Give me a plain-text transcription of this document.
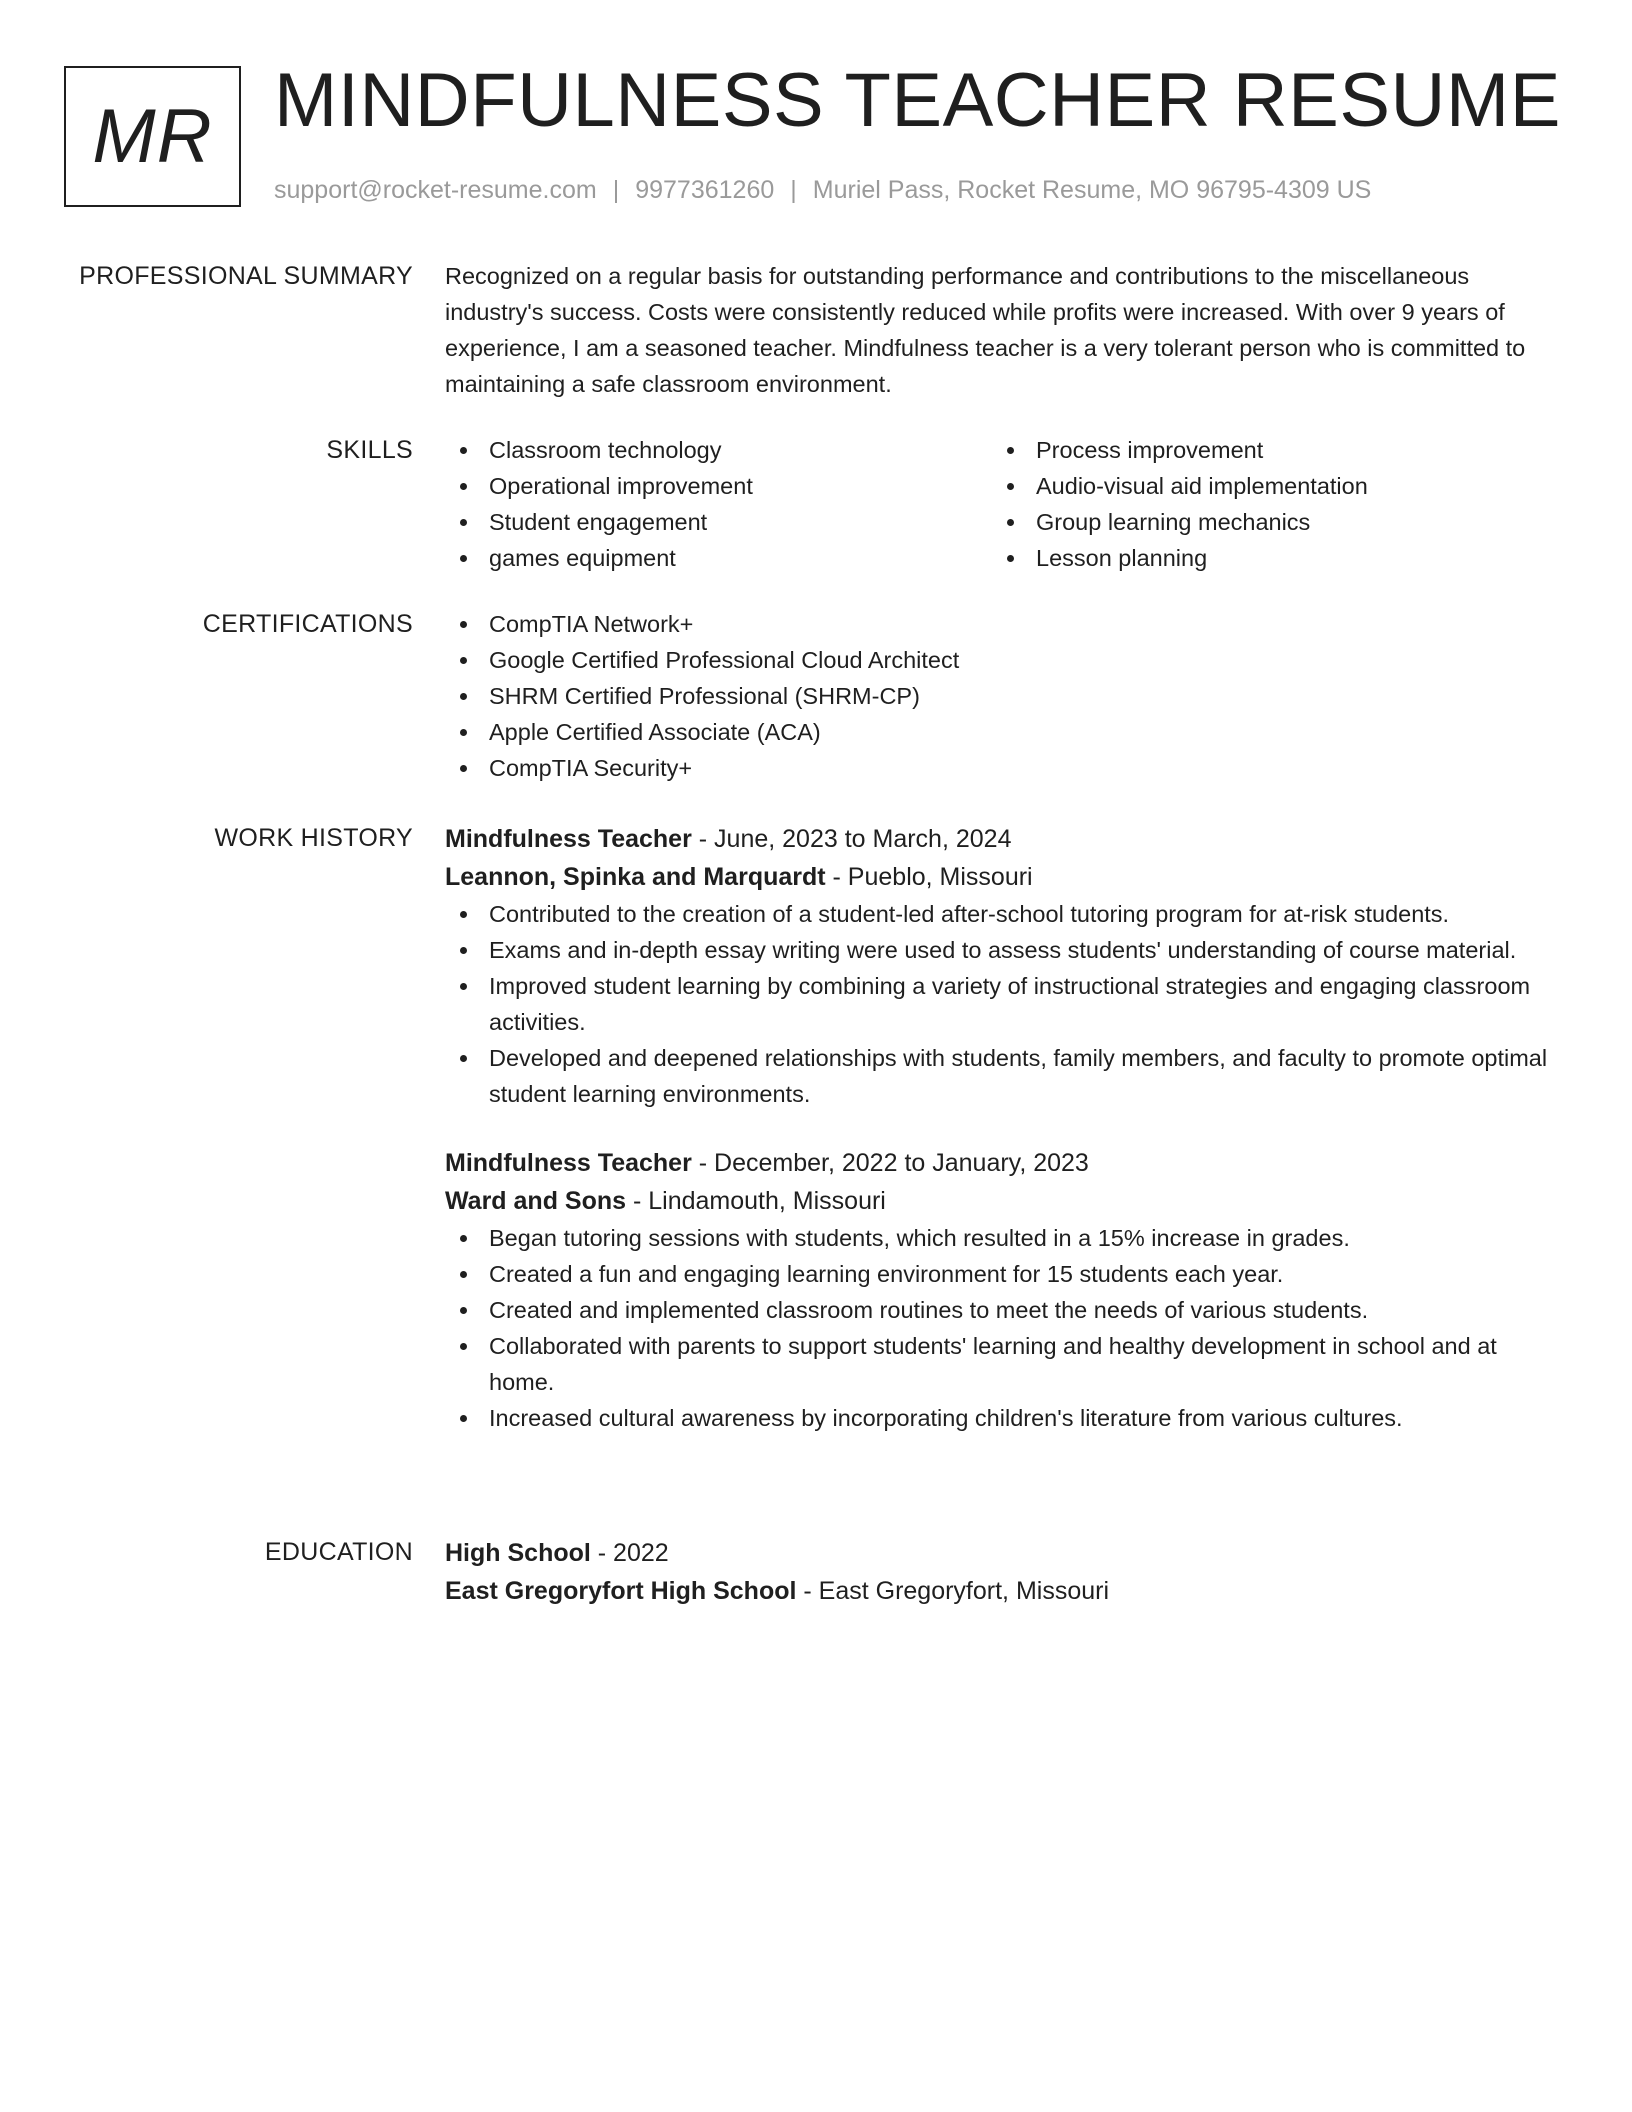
MR MINDFULNESS TEACHER RESUME
support@rocket-resume.com | 9977361260 | Muriel Pass, Rocket Resume, MO 96795-4309 US
PROFESSIONAL SUMMARY Recognized on a regular basis for outstanding performance and contributions to the miscellaneous industry's success. Costs were consistently reduced while profits were increased. With over 9 years of experience, I am a seasoned teacher. Mindfulness teacher is a very tolerant person who is committed to maintaining a safe classroom environment.

SKILLS	Classroom technology
Operational improvement
Student engagement
games equipment
Process improvement
Audio-visual aid implementation
Group learning mechanics
Lesson planning
CERTIFICATIONS	CompTIA Network+
Google Certified Professional Cloud Architect
SHRM Certified Professional (SHRM-CP)
Apple Certified Associate (ACA)
CompTIA Security+
WORK HISTORY Mindfulness Teacher - June, 2023 to March, 2024
Leannon, Spinka and Marquardt - Pueblo, Missouri
Contributed to the creation of a student-led after-school tutoring program for at-risk students.
Exams and in-depth essay writing were used to assess students' understanding of course material.
Improved student learning by combining a variety of instructional strategies and engaging classroom activities.
Developed and deepened relationships with students, family members, and faculty to promote optimal student learning environments.
Mindfulness Teacher - December, 2022 to January, 2023
Ward and Sons - Lindamouth, Missouri
Began tutoring sessions with students, which resulted in a 15% increase in grades.
Created a fun and engaging learning environment for 15 students each year.
Created and implemented classroom routines to meet the needs of various students.
Collaborated with parents to support students' learning and healthy development in school and at home.
Increased cultural awareness by incorporating children's literature from various cultures.
EDUCATION High School - 2022
East Gregoryfort High School - East Gregoryfort, Missouri
